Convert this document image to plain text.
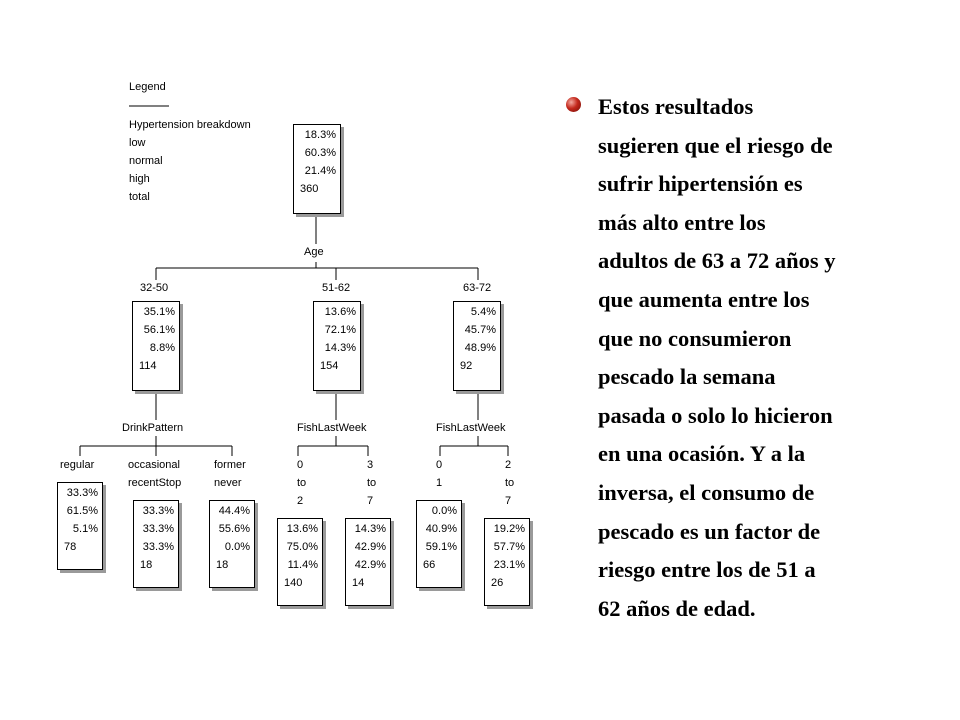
Legend
Hypertension breakdown
low
normal
high
total
18.3%
60.3%
21.4%
360
Age
32-50	51-62	63-72
35.1%
56.1%
8.8%
114
13.6%
72.1%
14.3%
154
5.4%
45.7%
48.9%
92
DrinkPattern	FishLastWeek	FishLastWeek
regular	occasional
recentStop
former
never
0
to
2
3
to
7
0
1
2
to
7
33.3%
61.5%
5.1%
78
33.3%
33.3%
33.3%
18
44.4%
55.6%
0.0%
18
13.6%
75.0%
11.4%
140
14.3%
42.9%
42.9%
14
0.0%
40.9%
59.1%
66
19.2%
57.7%
23.1%
26
Estos resultados
sugieren que el riesgo de
sufrir hipertensión es
más alto entre los
adultos de 63 a 72 años y
que aumenta entre los
que no consumieron
pescado la semana
pasada o solo lo hicieron
en una ocasión. Y a la
inversa, el consumo de
pescado es un factor de
riesgo entre los de 51 a
62 años de edad.
